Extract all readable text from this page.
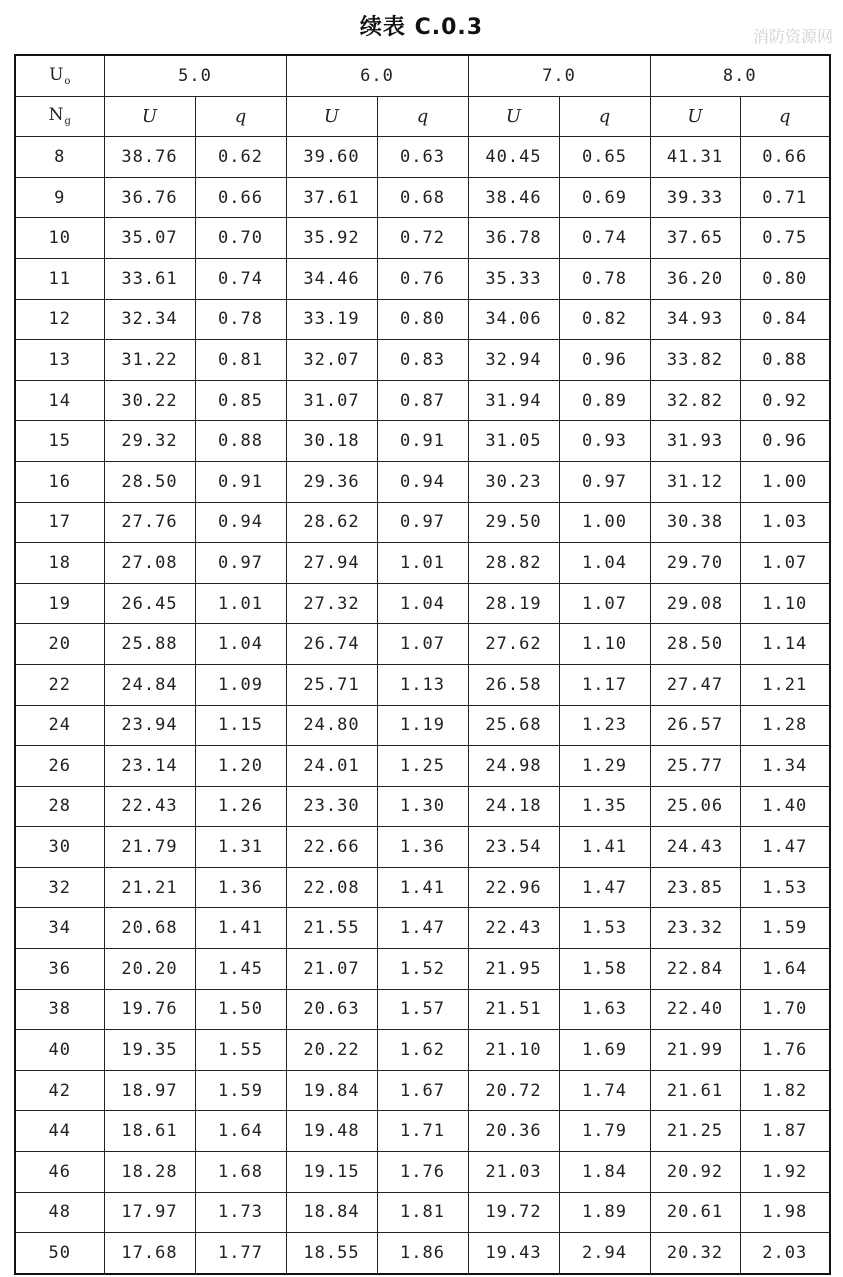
续表 C.0.3	消防资源网
$U_o$	5.0		6.0		7.0		8.0	
$N_g$	U	q	U	q	U	q	U	q
8	38.76	0.62	39.60	0.63	40.45	0.65	41.31	0.66
9	36.76	0.66	37.61	0.68	38.46	0.69	39.33	0.71
10	35.07	0.70	35.92	0.72	36.78	0.74	37.65	0.75
11	33.61	0.74	34.46	0.76	35.33	0.78	36.20	0.80
12	32.34	0.78	33.19	0.80	34.06	0.82	34.93	0.84
13	31.22	0.81	32.07	0.83	32.94	0.96	33.82	0.88
14	30.22	0.85	31.07	0.87	31.94	0.89	32.82	0.92
15	29.32	0.88	30.18	0.91	31.05	0.93	31.93	0.96
16	28.50	0.91	29.36	0.94	30.23	0.97	31.12	1.00
17	27.76	0.94	28.62	0.97	29.50	1.00	30.38	1.03
18	27.08	0.97	27.94	1.01	28.82	1.04	29.70	1.07
19	26.45	1.01	27.32	1.04	28.19	1.07	29.08	1.10
20	25.88	1.04	26.74	1.07	27.62	1.10	28.50	1.14
22	24.84	1.09	25.71	1.13	26.58	1.17	27.47	1.21
24	23.94	1.15	24.80	1.19	25.68	1.23	26.57	1.28
26	23.14	1.20	24.01	1.25	24.98	1.29	25.77	1.34
28	22.43	1.26	23.30	1.30	24.18	1.35	25.06	1.40
30	21.79	1.31	22.66	1.36	23.54	1.41	24.43	1.47
32	21.21	1.36	22.08	1.41	22.96	1.47	23.85	1.53
34	20.68	1.41	21.55	1.47	22.43	1.53	23.32	1.59
36	20.20	1.45	21.07	1.52	21.95	1.58	22.84	1.64
38	19.76	1.50	20.63	1.57	21.51	1.63	22.40	1.70
40	19.35	1.55	20.22	1.62	21.10	1.69	21.99	1.76
42	18.97	1.59	19.84	1.67	20.72	1.74	21.61	1.82
44	18.61	1.64	19.48	1.71	20.36	1.79	21.25	1.87
46	18.28	1.68	19.15	1.76	21.03	1.84	20.92	1.92
48	17.97	1.73	18.84	1.81	19.72	1.89	20.61	1.98
50	17.68	1.77	18.55	1.86	19.43	2.94	20.32	2.03
